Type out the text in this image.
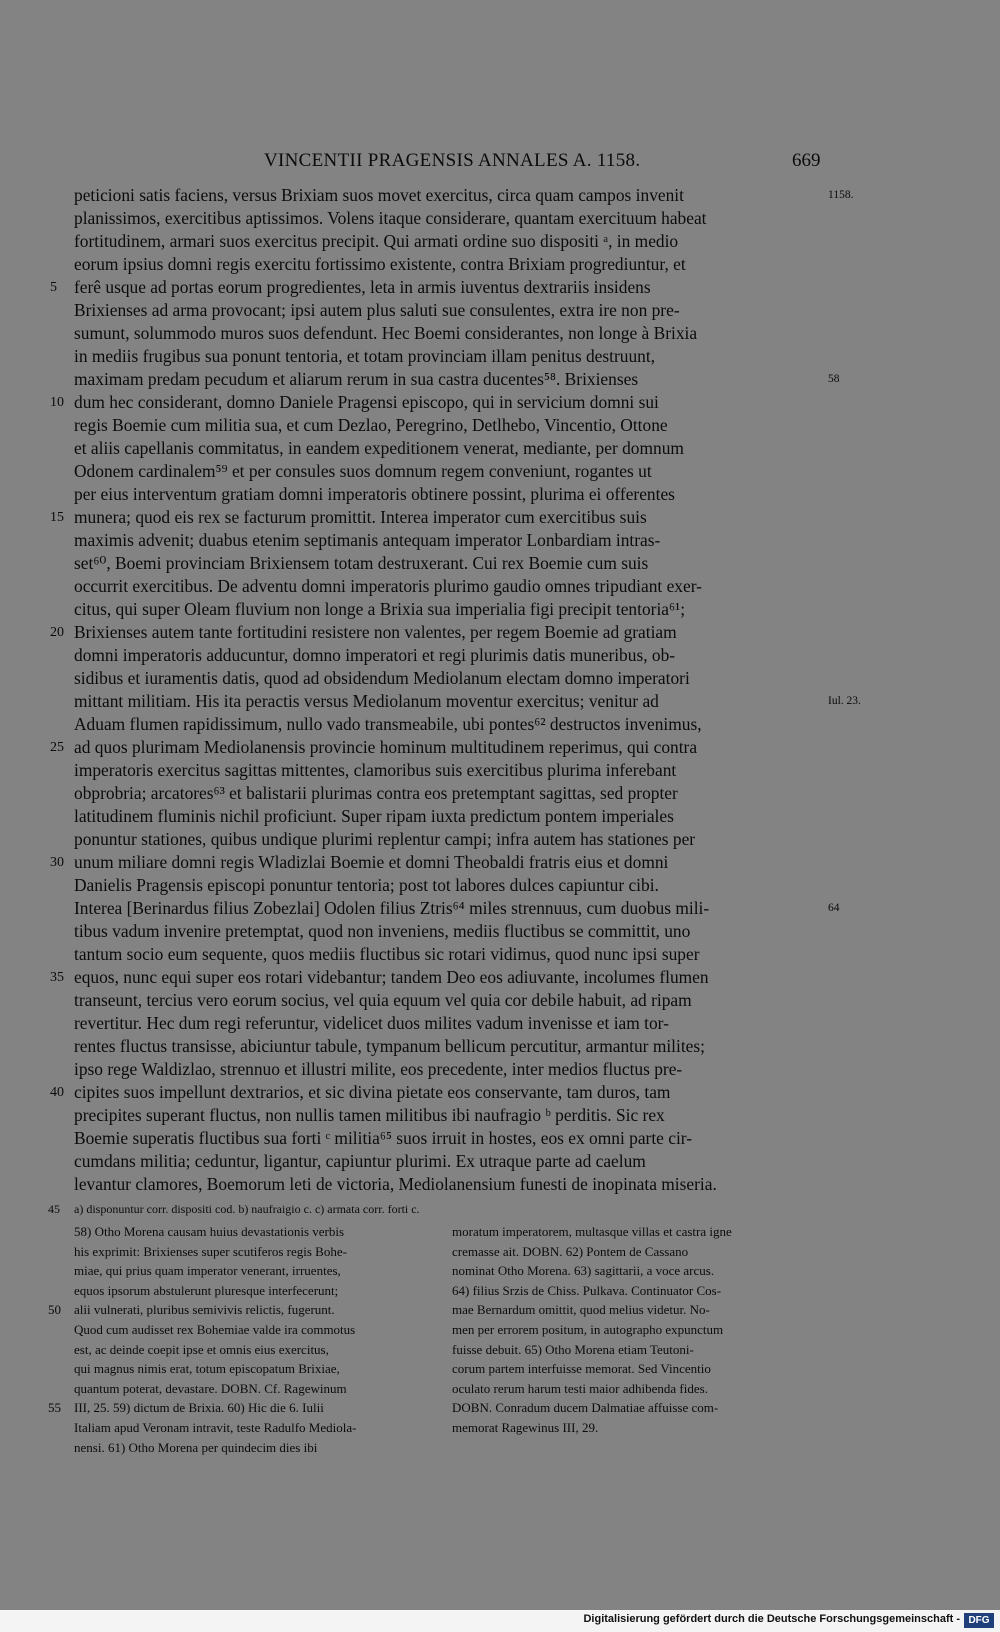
VINCENTII PRAGENSIS ANNALES A. 1158.	669
peticioni satis faciens, versus Brixiam suos movet exercitus, circa quam campos invenit
planissimos, exercitibus aptissimos. Volens itaque considerare, quantam exercituum habeat
fortitudinem, armari suos exercitus precipit. Qui armati ordine suo dispositi ᵃ, in medio
eorum ipsius domni regis exercitu fortissimo existente, contra Brixiam progrediuntur, et
ferê usque ad portas eorum progredientes, leta in armis iuventus dextrariis insidens
Brixienses ad arma provocant; ipsi autem plus saluti sue consulentes, extra ire non pre-
sumunt, solummodo muros suos defendunt. Hec Boemi considerantes, non longe à Brixia
in mediis frugibus sua ponunt tentoria, et totam provinciam illam penitus destruunt,
maximam predam pecudum et aliarum rerum in sua castra ducentes⁵⁸. Brixienses
dum hec considerant, domno Daniele Pragensi episcopo, qui in servicium domni sui
regis Boemie cum militia sua, et cum Dezlao, Peregrino, Detlhebo, Vincentio, Ottone
et aliis capellanis commitatus, in eandem expeditionem venerat, mediante, per domnum
Odonem cardinalem⁵⁹ et per consules suos domnum regem conveniunt, rogantes ut
per eius interventum gratiam domni imperatoris obtinere possint, plurima ei offerentes
munera; quod eis rex se facturum promittit. Interea imperator cum exercitibus suis
maximis advenit; duabus etenim septimanis antequam imperator Lonbardiam intras-
set⁶⁰, Boemi provinciam Brixiensem totam destruxerant. Cui rex Boemie cum suis
occurrit exercitibus. De adventu domni imperatoris plurimo gaudio omnes tripudiant exer-
citus, qui super Oleam fluvium non longe a Brixia sua imperialia figi precipit tentoria⁶¹;
Brixienses autem tante fortitudini resistere non valentes, per regem Boemie ad gratiam
domni imperatoris adducuntur, domno imperatori et regi plurimis datis muneribus, ob-
sidibus et iuramentis datis, quod ad obsidendum Mediolanum electam domno imperatori
mittant militiam. His ita peractis versus Mediolanum moventur exercitus; venitur ad
Aduam flumen rapidissimum, nullo vado transmeabile, ubi pontes⁶² destructos invenimus,
ad quos plurimam Mediolanensis provincie hominum multitudinem reperimus, qui contra
imperatoris exercitus sagittas mittentes, clamoribus suis exercitibus plurima inferebant
obprobria; arcatores⁶³ et balistarii plurimas contra eos pretemptant sagittas, sed propter
latitudinem fluminis nichil proficiunt. Super ripam iuxta predictum pontem imperiales
ponuntur stationes, quibus undique plurimi replentur campi; infra autem has stationes per
unum miliare domni regis Wladizlai Boemie et domni Theobaldi fratris eius et domni
Danielis Pragensis episcopi ponuntur tentoria; post tot labores dulces capiuntur cibi.
Interea [Berinardus filius Zobezlai] Odolen filius Ztris⁶⁴ miles strennuus, cum duobus mili-
tibus vadum invenire pretemptat, quod non inveniens, mediis fluctibus se committit, uno
tantum socio eum sequente, quos mediis fluctibus sic rotari vidimus, quod nunc ipsi super
equos, nunc equi super eos rotari videbantur; tandem Deo eos adiuvante, incolumes flumen
transeunt, tercius vero eorum socius, vel quia equum vel quia cor debile habuit, ad ripam
revertitur. Hec dum regi referuntur, videlicet duos milites vadum invenisse et iam tor-
rentes fluctus transisse, abiciuntur tabule, tympanum bellicum percutitur, armantur milites;
ipso rege Waldizlao, strennuo et illustri milite, eos precedente, inter medios fluctus pre-
cipites suos impellunt dextrarios, et sic divina pietate eos conservante, tam duros, tam
precipites superant fluctus, non nullis tamen militibus ibi naufragio ᵇ perditis. Sic rex
Boemie superatis fluctibus sua forti ᶜ militia⁶⁵ suos irruit in hostes, eos ex omni parte cir-
cumdans militia; ceduntur, ligantur, capiuntur plurimi. Ex utraque parte ad caelum
levantur clamores, Boemorum leti de victoria, Mediolanensium funesti de inopinata miseria.
5
10
15
20
25
30
35
40
1158.
58
Iul. 23.
64
45 a) disponuntur corr. dispositi cod. b) naufraigio c. c) armata corr. forti c.
58) Otho Morena causam huius devastationis verbis
his exprimit: Brixienses super scutiferos regis Bohe-
miae, qui prius quam imperator venerant, irruentes,
equos ipsorum abstulerunt pluresque interfecerunt;
alii vulnerati, pluribus semivivis relictis, fugerunt.
Quod cum audisset rex Bohemiae valde ira commotus
est, ac deinde coepit ipse et omnis eius exercitus,
qui magnus nimis erat, totum episcopatum Brixiae,
quantum poterat, devastare. DOBN. Cf. Ragewinum
III, 25. 59) dictum de Brixia. 60) Hic die 6. Iulii
Italiam apud Veronam intravit, teste Radulfo Mediola-
nensi. 61) Otho Morena per quindecim dies ibi
moratum imperatorem, multasque villas et castra igne
cremasse ait. DOBN. 62) Pontem de Cassano
nominat Otho Morena. 63) sagittarii, a voce arcus.
64) filius Srzis de Chiss. Pulkava. Continuator Cos-
mae Bernardum omittit, quod melius videtur. No-
men per errorem positum, in autographo expunctum
fuisse debuit. 65) Otho Morena etiam Teutoni-
corum partem interfuisse memorat. Sed Vincentio
oculato rerum harum testi maior adhibenda fides.
DOBN. Conradum ducem Dalmatiae affuisse com-
memorat Ragewinus III, 29.
Digitalisierung gefördert durch die Deutsche Forschungsgemeinschaft - DFG
50
55
